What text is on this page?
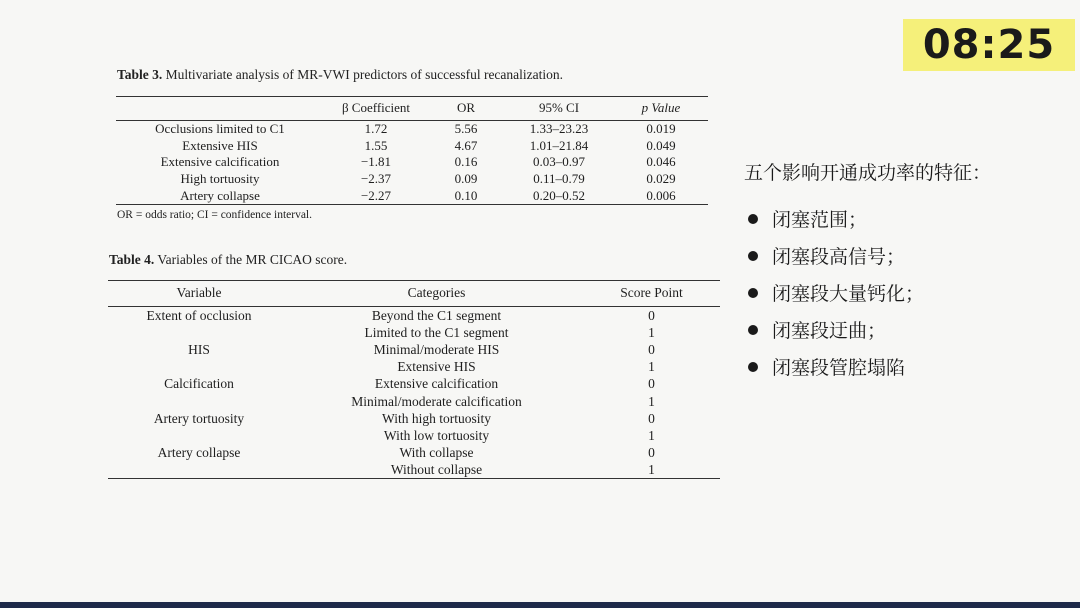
08:25
Table 3. Multivariate analysis of MR-VWI predictors of successful recanalization.
	β Coefficient	OR	95% CI	p Value
Occlusions limited to C1	1.72	5.56	1.33–23.23	0.019
Extensive HIS	1.55	4.67	1.01–21.84	0.049
Extensive calcification	−1.81	0.16	0.03–0.97	0.046
High tortuosity	−2.37	0.09	0.11–0.79	0.029
Artery collapse	−2.27	0.10	0.20–0.52	0.006
OR = odds ratio; CI = confidence interval.
Table 4. Variables of the MR CICAO score.
Variable	Categories	Score Point
Extent of occlusion	Beyond the C1 segment	0
	Limited to the C1 segment	1
HIS	Minimal/moderate HIS	0
	Extensive HIS	1
Calcification	Extensive calcification	0
	Minimal/moderate calcification	1
Artery tortuosity	With high tortuosity	0
	With low tortuosity	1
Artery collapse	With collapse	0
	Without collapse	1
五个影响开通成功率的特征：
闭塞范围；
闭塞段高信号；
闭塞段大量钙化；
闭塞段迂曲；
闭塞段管腔塌陷
